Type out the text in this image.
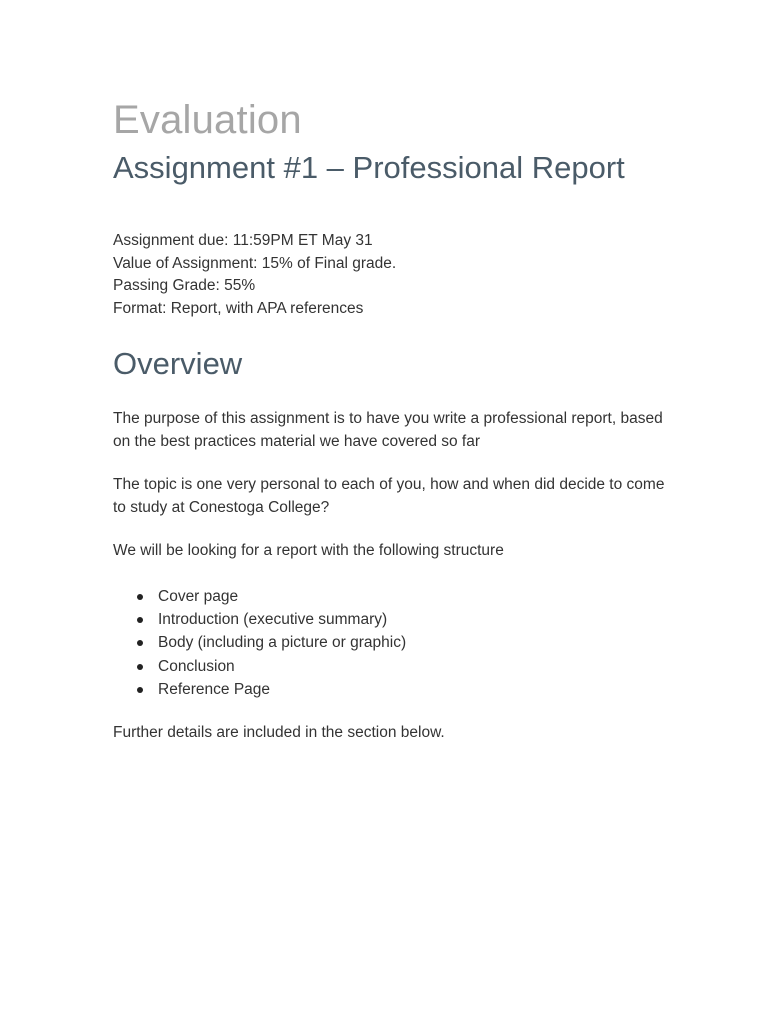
Evaluation
Assignment #1 – Professional Report
Assignment due: 11:59PM ET May 31
Value of Assignment: 15% of Final grade.
Passing Grade: 55%
Format: Report, with APA references
Overview

The purpose of this assignment is to have you write a professional report, based on the best practices material we have covered so far

The topic is one very personal to each of you, how and when did decide to come to study at Conestoga College?

We will be looking for a report with the following structure

Cover page
Introduction (executive summary)
Body (including a picture or graphic)
Conclusion
Reference Page

Further details are included in the section below.
